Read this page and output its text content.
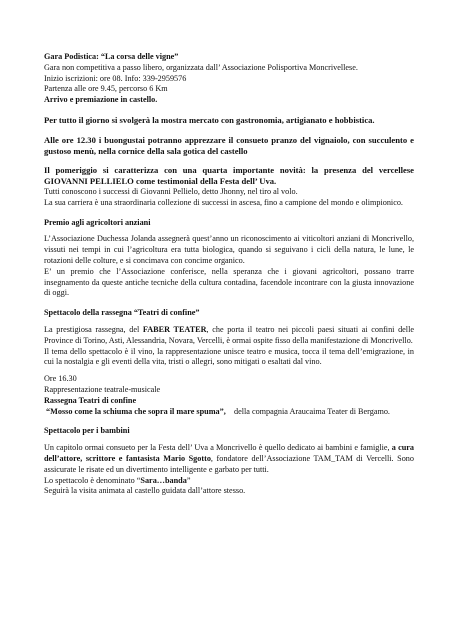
Gara Podistica: “La corsa delle vigne”

Gara non competitiva a passo libero, organizzata dall’ Associazione Polisportiva Moncrivellese.

Inizio iscrizioni: ore 08. Info: 339-2959576

Partenza alle ore 9.45, percorso 6 Km

Arrivo e premiazione in castello.

Per tutto il giorno si svolgerà la mostra mercato con gastronomia, artigianato e hobbistica.

Alle ore 12.30 i buongustai potranno apprezzare il consueto pranzo del vignaiolo, con succulento e gustoso menù, nella cornice della sala gotica del castello

Il pomeriggio si caratterizza con una quarta importante novità: la presenza del vercellese GIOVANNI PELLIELO come testimonial della Festa dell’ Uva.

Tutti conoscono i successi di Giovanni Pellielo, detto Jhonny, nel tiro al volo.

La sua carriera è una straordinaria collezione di successi in ascesa, fino a campione del mondo e olimpionico.

Premio agli agricoltori anziani

L’Associazione Duchessa Jolanda assegnerà quest’anno un riconoscimento ai viticoltori anziani di Moncrivello, vissuti nei tempi in cui l’agricoltura era tutta biologica, quando si seguivano i cicli della natura, le lune, le rotazioni delle colture, e si concimava con concime organico.

E’ un premio che l’Associazione conferisce, nella speranza che i giovani agricoltori, possano trarre insegnamento da queste antiche tecniche della cultura contadina, facendole incontrare con la giusta innovazione di oggi.

Spettacolo della rassegna “Teatri di confine”

La prestigiosa rassegna, del FABER TEATER, che porta il teatro nei piccoli paesi situati ai confini delle Province di Torino, Asti, Alessandria, Novara, Vercelli, è ormai ospite fisso della manifestazione di Moncrivello.

Il tema dello spettacolo è il vino, la rappresentazione unisce teatro e musica, tocca il tema dell’emigrazione, in cui la nostalgia e gli eventi della vita, tristi o allegri, sono mitigati o esaltati dal vino.

Ore 16.30

Rappresentazione teatrale-musicale

Rassegna Teatri di confine

“Mosso come la schiuma che sopra il mare spuma”,    della compagnia Araucaima Teater di Bergamo.

Spettacolo per i bambini

Un capitolo ormai consueto per la Festa dell’ Uva a Moncrivello è quello dedicato ai bambini e famiglie, a cura dell’attore, scrittore e fantasista Mario Sgotto, fondatore dell’Associazione TAM_TAM di Vercelli. Sono assicurate le risate ed un divertimento intelligente e garbato per tutti.

Lo spettacolo è denominato “Sara…banda”

Seguirà la visita animata al castello guidata dall’attore stesso.
